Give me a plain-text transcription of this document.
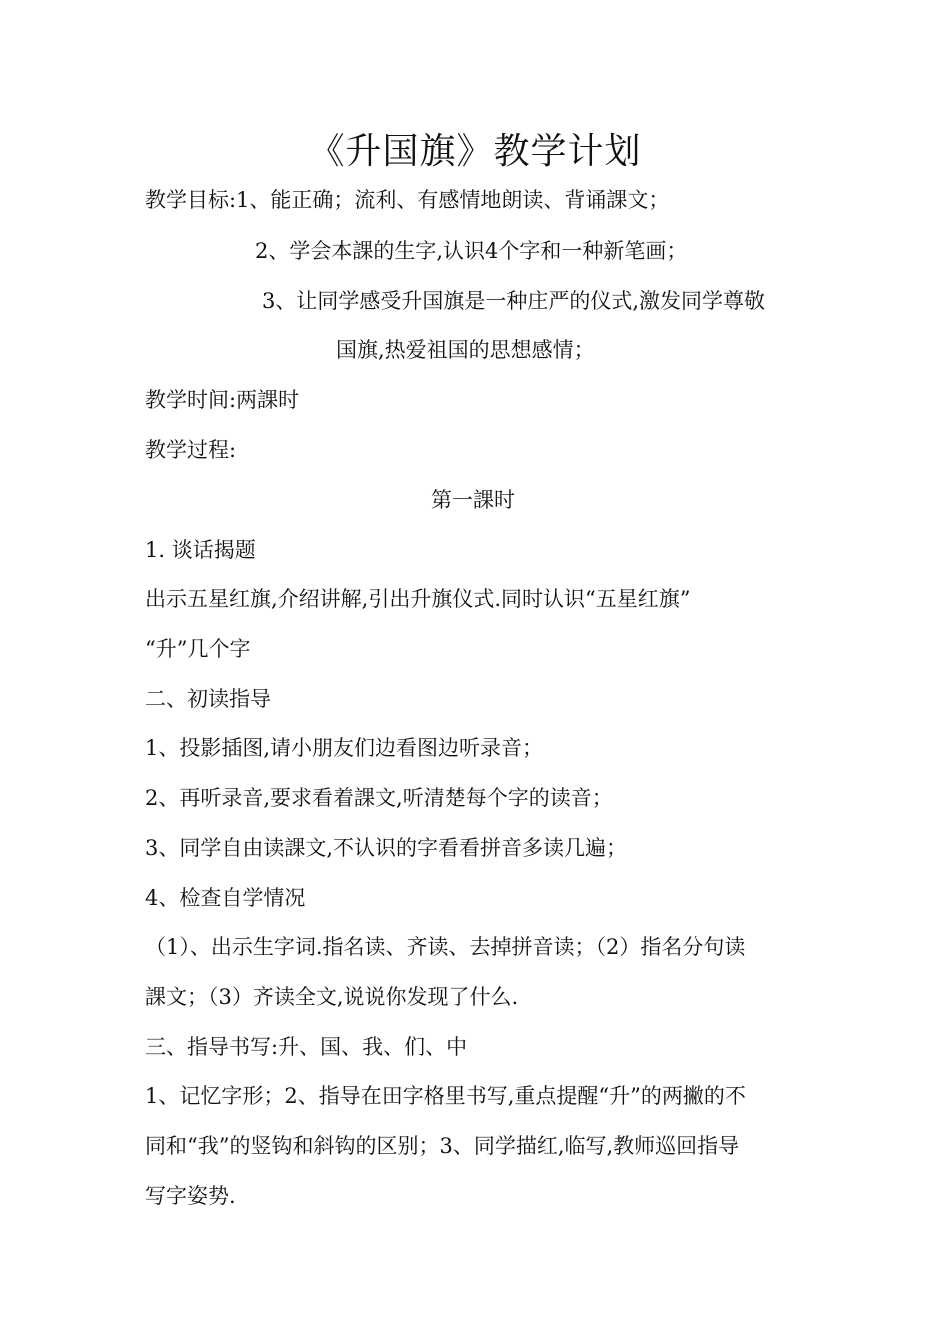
《升国旗》教学计划
教学目标:1、能正确；流利、有感情地朗读、背诵課文；
2、学会本課的生字,认识4个字和一种新笔画；
3、让同学感受升国旗是一种庄严的仪式,激发同学尊敬
国旗,热爱祖国的思想感情；
教学时间:两課时
教学过程:
第一課时
1. 谈话揭题
出示五星红旗,介绍讲解,引出升旗仪式.同时认识“五星红旗”
“升”几个字
二、初读指导
1、投影插图,请小朋友们边看图边听录音；
2、再听录音,要求看着課文,听清楚每个字的读音；
3、同学自由读課文,不认识的字看看拼音多读几遍；
4、检查自学情况
（1）、出示生字词.指名读、齐读、去掉拼音读；（2）指名分句读
課文；（3）齐读全文,说说你发现了什么.
三、指导书写:升、国、我、们、中
1、记忆字形；2、指导在田字格里书写,重点提醒“升”的两撇的不
同和“我”的竖钩和斜钩的区别；3、同学描红,临写,教师巡回指导
写字姿势.
